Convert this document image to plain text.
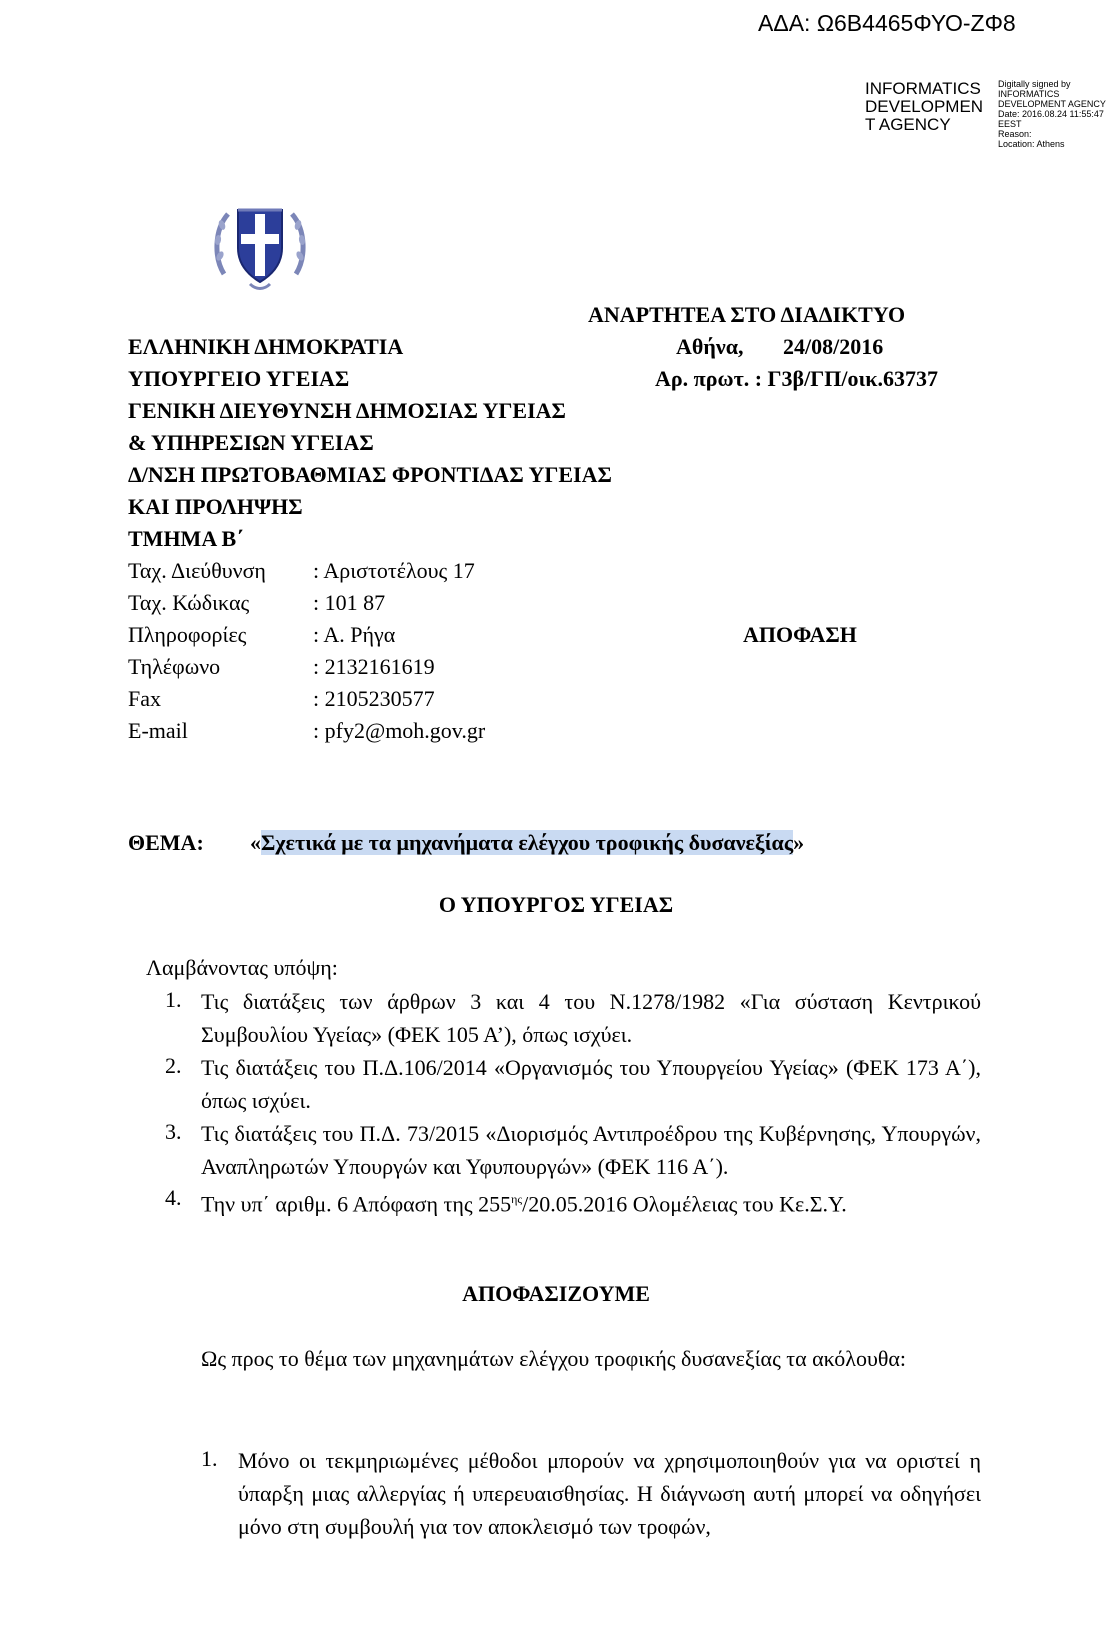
ΑΔΑ: Ω6Β4465ΦΥΟ-ΖΦ8
INFORMATICS
DEVELOPMEN
T AGENCY
Digitally signed by
INFORMATICS
DEVELOPMENT AGENCY
Date: 2016.08.24 11:55:47
EEST
Reason:
Location: Athens
ΑΝΑΡΤΗΤΕΑ ΣΤΟ ΔΙΑΔΙΚΤΥΟ
Αθήνα, 24/08/2016
Αρ. πρωτ. : Γ3β/ΓΠ/οικ.63737
ΕΛΛΗΝΙΚΗ ΔΗΜΟΚΡΑΤΙΑ
ΥΠΟΥΡΓΕΙΟ ΥΓΕΙΑΣ
ΓΕΝΙΚΗ ΔΙΕΥΘΥΝΣΗ ΔΗΜΟΣΙΑΣ ΥΓΕΙΑΣ
& ΥΠΗΡΕΣΙΩΝ ΥΓΕΙΑΣ
Δ/ΝΣΗ ΠΡΩΤΟΒΑΘΜΙΑΣ ΦΡΟΝΤΙΔΑΣ ΥΓΕΙΑΣ
ΚΑΙ ΠΡΟΛΗΨΗΣ
ΤΜΗΜΑ Β΄
Ταχ. Διεύθυνση : Αριστοτέλους 17
Ταχ. Κώδικας	: 101 87
Πληροφορίες	: Α. Ρήγα
Τηλέφωνο	: 2132161619
Fax	: 2105230577
E-mail	: pfy2@moh.gov.gr
ΑΠΟΦΑΣΗ
ΘΕΜΑ: «Σχετικά με τα μηχανήματα ελέγχου τροφικής δυσανεξίας»
Ο ΥΠΟΥΡΓΟΣ ΥΓΕΙΑΣ
Λαμβάνοντας υπόψη:
1. Τις διατάξεις των άρθρων 3 και 4 του Ν.1278/1982 «Για σύσταση Κεντρικού Συμβουλίου Υγείας» (ΦΕΚ 105 Α’), όπως ισχύει.
2. Τις διατάξεις του Π.Δ.106/2014 «Οργανισμός του Υπουργείου Υγείας» (ΦΕΚ 173 Α΄), όπως ισχύει.
3. Τις διατάξεις του Π.Δ. 73/2015 «Διορισμός Αντιπροέδρου της Κυβέρνησης, Υπουργών, Αναπληρωτών Υπουργών και Υφυπουργών» (ΦΕΚ 116 Α΄).
4. Την υπ΄ αριθμ. 6 Απόφαση της $255^{\eta\varsigma}/20.05.2016$ Ολομέλειας του Κε.Σ.Υ.
ΑΠΟΦΑΣΙΖΟΥΜΕ
Ως προς το θέμα των μηχανημάτων ελέγχου τροφικής δυσανεξίας τα ακόλουθα:
1. Μόνο οι τεκμηριωμένες μέθοδοι μπορούν να χρησιμοποιηθούν για να οριστεί η ύπαρξη μιας αλλεργίας ή υπερευαισθησίας. Η διάγνωση αυτή μπορεί να οδηγήσει μόνο στη συμβουλή για τον αποκλεισμό των τροφών,
